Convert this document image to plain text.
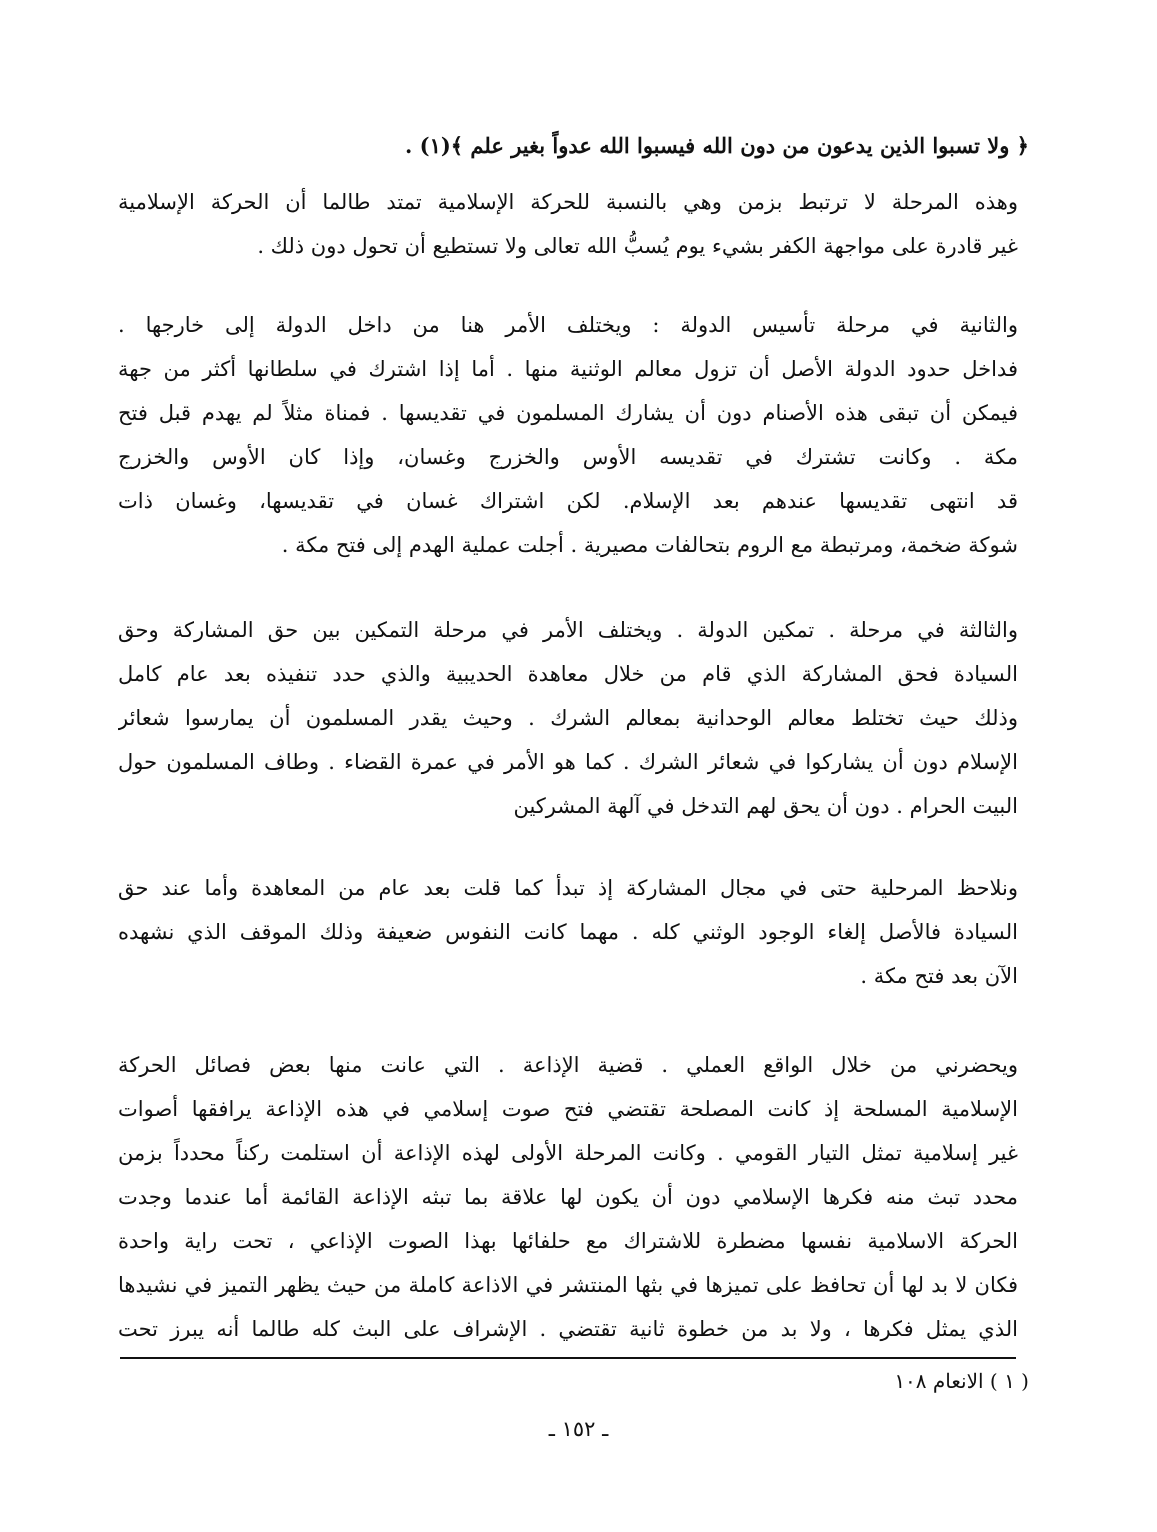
﴿ ولا تسبوا الذين يدعون من دون الله فيسبوا الله عدواً بغير علم ﴾(١) .
وهذه المرحلة لا ترتبط بزمن وهي بالنسبة للحركة الإسلامية تمتد طالما أن الحركة الإسلامية
غير قادرة على مواجهة الكفر بشيء يوم يُسبُّ الله تعالى ولا تستطيع أن تحول دون ذلك .
والثانية في مرحلة تأسيس الدولة : ويختلف الأمر هنا من داخل الدولة إلى خارجها .
فداخل حدود الدولة الأصل أن تزول معالم الوثنية منها . أما إذا اشترك في سلطانها أكثر من جهة
فيمكن أن تبقى هذه الأصنام دون أن يشارك المسلمون في تقديسها . فمناة مثلاً لم يهدم قبل فتح
مكة . وكانت تشترك في تقديسه الأوس والخزرج وغسان، وإذا كان الأوس والخزرج
قد انتهى تقديسها عندهم بعد الإسلام. لكن اشتراك غسان في تقديسها، وغسان ذات
شوكة ضخمة، ومرتبطة مع الروم بتحالفات مصيرية . أجلت عملية الهدم إلى فتح مكة .
والثالثة في مرحلة . تمكين الدولة . ويختلف الأمر في مرحلة التمكين بين حق المشاركة وحق
السيادة فحق المشاركة الذي قام من خلال معاهدة الحديبية والذي حدد تنفيذه بعد عام كامل
وذلك حيث تختلط معالم الوحدانية بمعالم الشرك . وحيث يقدر المسلمون أن يمارسوا شعائر
الإسلام دون أن يشاركوا في شعائر الشرك . كما هو الأمر في عمرة القضاء . وطاف المسلمون حول
البيت الحرام . دون أن يحق لهم التدخل في آلهة المشركين
ونلاحظ المرحلية حتى في مجال المشاركة إذ تبدأ كما قلت بعد عام من المعاهدة وأما عند حق
السيادة فالأصل إلغاء الوجود الوثني كله . مهما كانت النفوس ضعيفة وذلك الموقف الذي نشهده
الآن بعد فتح مكة .
ويحضرني من خلال الواقع العملي . قضية الإذاعة . التي عانت منها بعض فصائل الحركة
الإسلامية المسلحة إذ كانت المصلحة تقتضي فتح صوت إسلامي في هذه الإذاعة يرافقها أصوات
غير إسلامية تمثل التيار القومي . وكانت المرحلة الأولى لهذه الإذاعة أن استلمت ركناً محدداً بزمن
محدد تبث منه فكرها الإسلامي دون أن يكون لها علاقة بما تبثه الإذاعة القائمة أما عندما وجدت
الحركة الاسلامية نفسها مضطرة للاشتراك مع حلفائها بهذا الصوت الإذاعي ، تحت راية واحدة
فكان لا بد لها أن تحافظ على تميزها في بثها المنتشر في الاذاعة كاملة من حيث يظهر التميز في نشيدها
الذي يمثل فكرها ، ولا بد من خطوة ثانية تقتضي . الإشراف على البث كله طالما أنه يبرز تحت
( ١ ) الانعام ١٠٨
ـ ١٥٢ ـ
